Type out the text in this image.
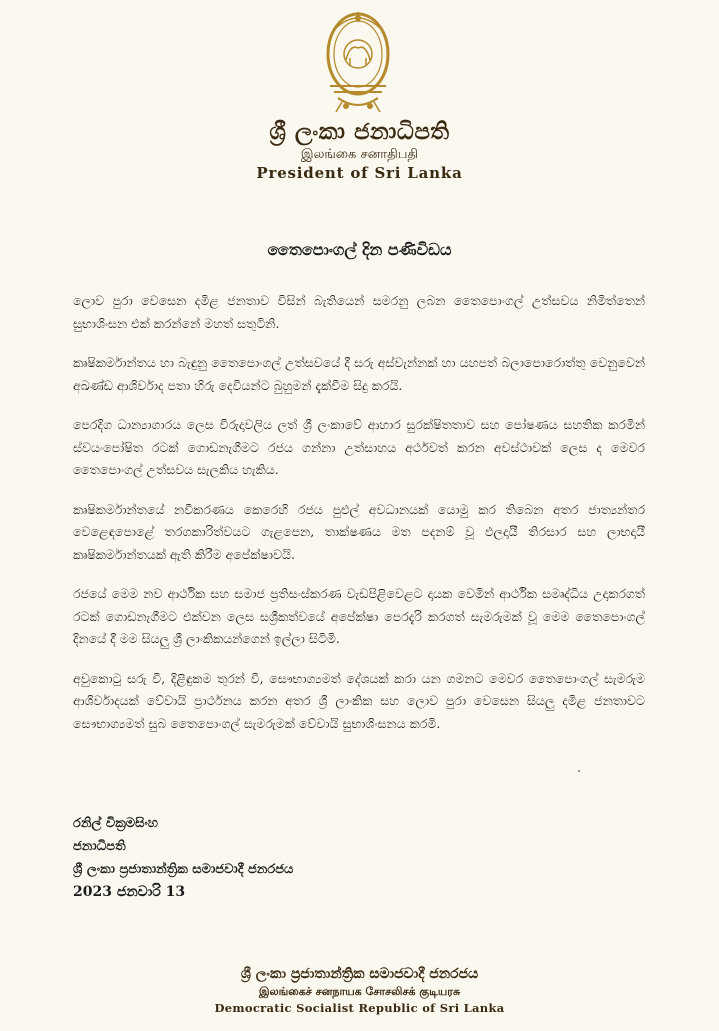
ශ්‍රී ලංකා ජනාධිපති
இலங்கை சனாதிபதி
President of Sri Lanka
තෛපොංගල් දින පණිවිඩය

ලොව පුරා වෙසෙන දමිළ ජනතාව විසින් බැතියෙන් සමරනු ලබන තෛපොංගල් උත්සවය නිමිත්තෙන් සුභාශිංසන එක් කරන්නේ මහත් සතුටිනි.

කෘෂිකර්මාන්තය හා බැඳුනු තෛපොංගල් උත්සවයේ දී සරු අස්වැන්නක් හා යහපත් බලාපොරොත්තු වෙනුවෙන් අඛණ්ඩ ආශිර්වාද පතා හිරු දෙවියන්ට බුහුමන් දැක්වීම සිදු කරයි.

පෙරදිග ධාන්‍යාගාරය ලෙස විරුදාවලිය ලත් ශ්‍රී ලංකාවේ ආහාර සුරක්ෂිතතාව සහ පෝෂණය සහතික කරමින් ස්වයංපෝෂිත රටක් ගොඩනැගීමට රජය ගන්නා උත්සාහය අර්ථවත් කරන අවස්ථාවක් ලෙස ද මෙවර තෛපොංගල් උත්සවය සැලකිය හැකිය.

කෘෂිකර්මාන්තයේ නවීකරණය කෙරෙහි රජය පුළුල් අවධානයක් යොමු කර තිබෙන අතර ජාත්‍යන්තර වෙළෙඳපොළේ තරගකාරිත්වයට ගැළපෙන, තාක්ෂණය මත පදනම් වූ ඵලදායී තිරසාර සහ ලාභදායී කෘෂිකර්මාන්තයක් ඇති කිරීම අපේක්ෂාවයි.

රජයේ මෙම නව ආර්ථික සහ සමාජ ප්‍රතිසංස්කරණ වැඩපිළිවෙළට දායක වෙමින් ආර්ථික සමෘද්ධිය උදාකරගත් රටක් ගොඩනැගීමට එක්වන ලෙස සශ්‍රීකත්වයේ අපේක්ෂා පෙරදැරි කරගත් සැමරුමක් වූ මෙම තෛපොංගල් දිනයේ දී මම සියලු ශ්‍රී ලාංකිකයන්ගෙන් ඉල්ලා සිටිමි.

අවුකොටු සරු වී, දිළිඳුකම තුරන් වී, සෞභාග්‍යමත් දේශයක් කරා යන ගමනට මෙවර තෛපොංගල් සැමරුම ආශිර්වාදයක් වේවායි ප්‍රාර්ථනය කරන අතර ශ්‍රී ලාංකික සහ ලොව පුරා වෙසෙන සියලු දමිළ ජනතාවට සෞභාග්‍යමත් සුබ තෛපොංගල් සැමරුමක් වේවායි සුභාශිංසනය කරමි.

රනිල් වික්‍රමසිංහ
ජනාධිපති
ශ්‍රී ලංකා ප්‍රජාතාන්ත්‍රික සමාජවාදී ජනරජය
2023 ජනවාරි 13
ශ්‍රී ලංකා ප්‍රජාතාන්ත්‍රික සමාජවාදී ජනරජය
இலங்கைச் சனநாயக சோசலிசக் குடியரசு
Democratic Socialist Republic of Sri Lanka
